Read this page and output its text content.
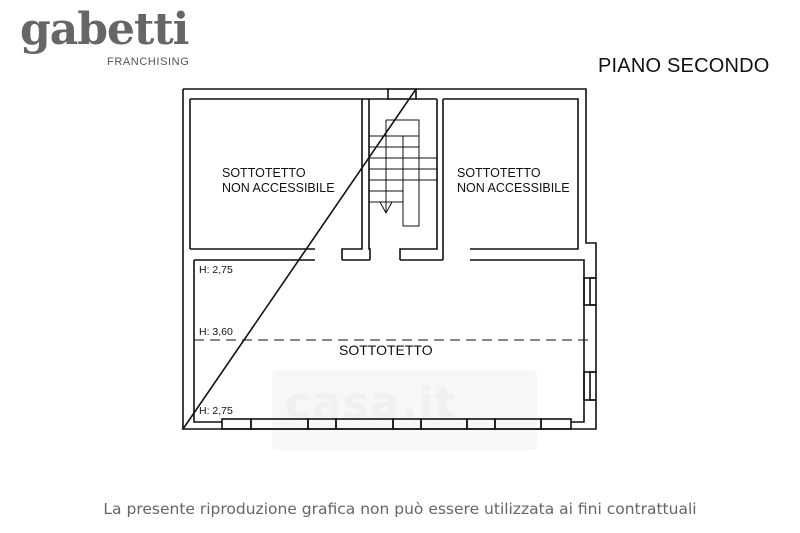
casa.it
gabetti
FRANCHISING	PIANO SECONDO
SOTTOTETTO
NON ACCESSIBILE
SOTTOTETTO
NON ACCESSIBILE
SOTTOTETTO
H: 2,75
H: 3,60
H: 2,75
La presente riproduzione grafica non può essere utilizzata ai fini contrattuali
